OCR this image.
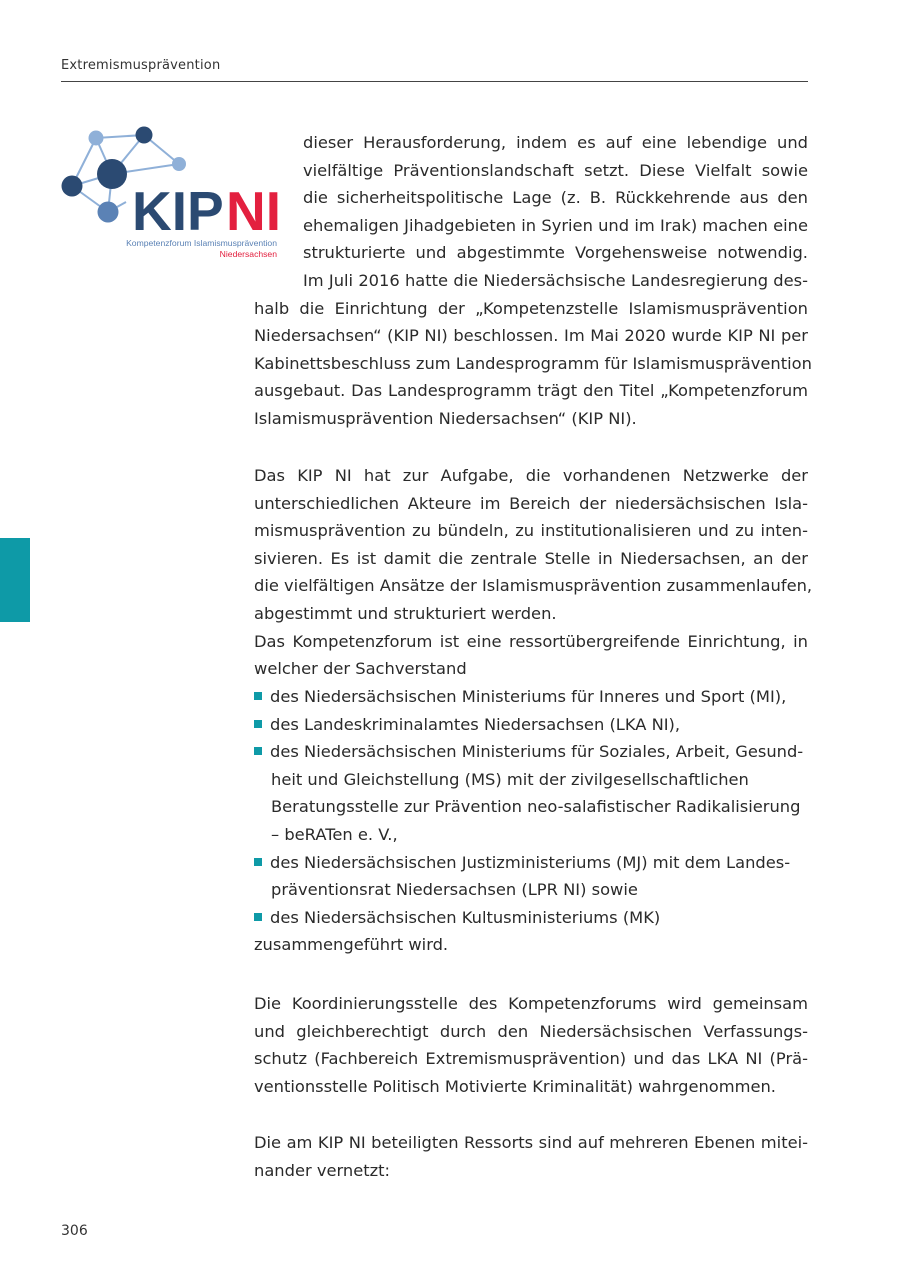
Extremismusprävention
KIP NI
Kompetenzforum Islamismusprävention
Niedersachsen
dieser Herausforderung, indem es auf eine lebendige und
vielfältige Präventionslandschaft setzt. Diese Vielfalt sowie
die sicherheitspolitische Lage (z. B. Rückkehrende aus den
ehemaligen Jihadgebieten in Syrien und im Irak) machen eine
strukturierte und abgestimmte Vorgehensweise notwendig.
Im Juli 2016 hatte die Niedersächsische Landesregierung des-
halb die Einrichtung der „Kompetenzstelle Islamismusprävention
Niedersachsen“ (KIP NI) beschlossen. Im Mai 2020 wurde KIP NI per
Kabinettsbeschluss zum Landesprogramm für Islamismusprävention
ausgebaut. Das Landesprogramm trägt den Titel „Kompetenzforum
Islamismusprävention Niedersachsen“ (KIP NI).
Das KIP NI hat zur Aufgabe, die vorhandenen Netzwerke der
unterschiedlichen Akteure im Bereich der niedersächsischen Isla-
mismusprävention zu bündeln, zu institutionalisieren und zu inten-
sivieren. Es ist damit die zentrale Stelle in Niedersachsen, an der
die vielfältigen Ansätze der Islamismusprävention zusammenlaufen,
abgestimmt und strukturiert werden.
Das Kompetenzforum ist eine ressortübergreifende Einrichtung, in
welcher der Sachverstand
des Niedersächsischen Ministeriums für Inneres und Sport (MI),
des Landeskriminalamtes Niedersachsen (LKA NI),
des Niedersächsischen Ministeriums für Soziales, Arbeit, Gesund-
heit und Gleichstellung (MS) mit der zivilgesellschaftlichen
Beratungsstelle zur Prävention neo-salafistischer Radikalisierung
– beRATen e. V.,
des Niedersächsischen Justizministeriums (MJ) mit dem Landes-
präventionsrat Niedersachsen (LPR NI) sowie
des Niedersächsischen Kultusministeriums (MK)
zusammengeführt wird.
Die Koordinierungsstelle des Kompetenzforums wird gemeinsam
und gleichberechtigt durch den Niedersächsischen Verfassungs-
schutz (Fachbereich Extremismusprävention) und das LKA NI (Prä-
ventionsstelle Politisch Motivierte Kriminalität) wahrgenommen.
Die am KIP NI beteiligten Ressorts sind auf mehreren Ebenen mitei-
nander vernetzt:
306
